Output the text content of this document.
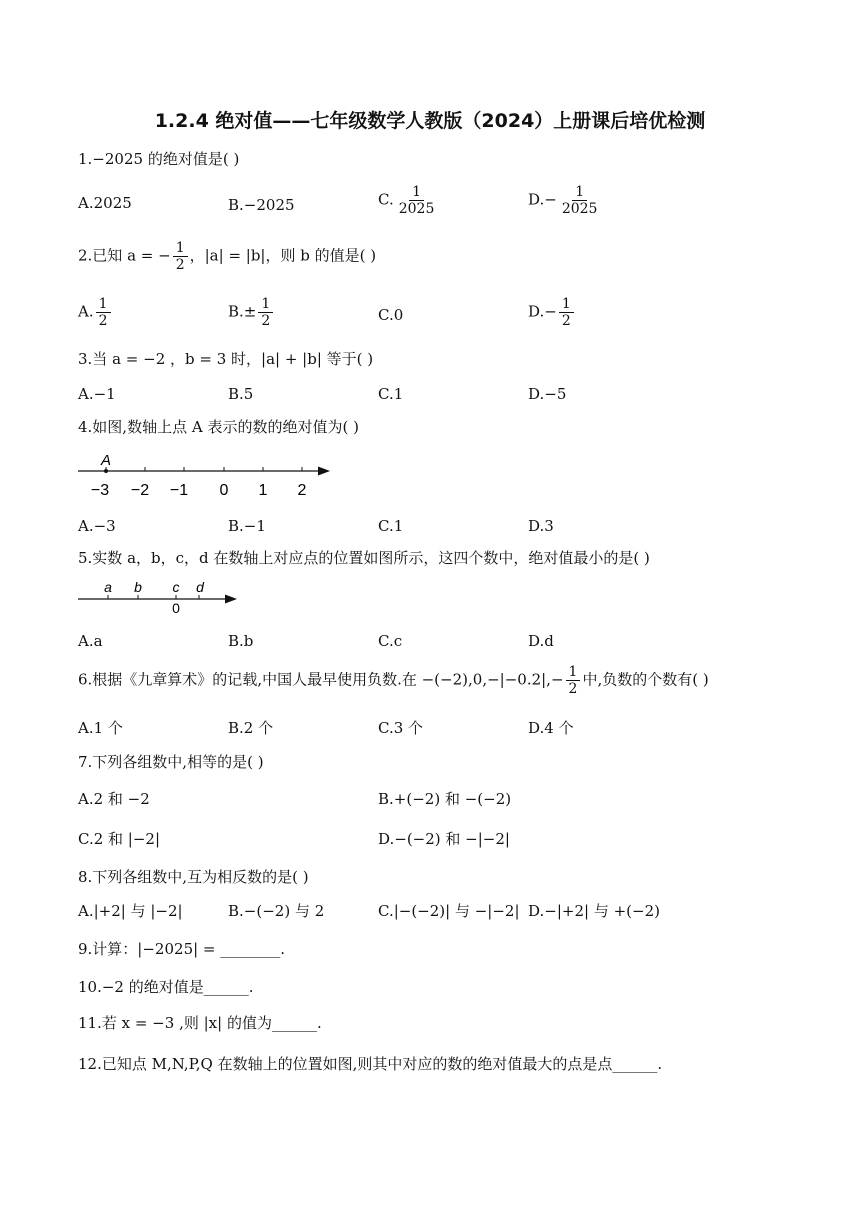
1.2.4 绝对值——七年级数学人教版（2024）上册课后培优检测
1.−2025 的绝对值是( )
A.2025	B.−2025	C. $\frac{1}{2025}$	$D.- \frac{1}{2025}$
2.已知 a = − $\frac{1}{2}$ ，|a| = |b|，则 b 的值是( )
A. $\frac{1}{2}$	$B.\pm \frac{1}{2}$	C.0	$D.- \frac{1}{2}$
3.当 a = −2 ，b = 3 时，|a| + |b| 等于( )
A.−1	B.5	C.1	D.−5
4.如图,数轴上点 A 表示的数的绝对值为( )
A
−3 −2 −1 0 1 2
A.−3	B.−1	C.1	D.3
5.实数 a，b，c，d 在数轴上对应点的位置如图所示，这四个数中，绝对值最小的是( )
a b c d
0
A.a	B.b	C.c	D.d
6.根据《九章算术》的记载,中国人最早使用负数.在 $-(-2),0,-|-0.2|,- \frac{1}{2}$ 中,负数的个数有( )
A.1 个	B.2 个	C.3 个	D.4 个
7.下列各组数中,相等的是( )
A.2 和 −2	B.+(−2) 和 −(−2)
C.2 和 |−2|	D.−(−2) 和 −|−2|
8.下列各组数中,互为相反数的是( )
A.|+2| 与 |−2|	B.−(−2) 与 2	C.|−(−2)| 与 −|−2| D.−|+2| 与 +(−2)
9.计算：|−2025| = ________.
10.−2 的绝对值是______.
11.若 x = −3 ,则 |x| 的值为______.
12.已知点 M,N,P,Q 在数轴上的位置如图,则其中对应的数的绝对值最大的点是点______.
